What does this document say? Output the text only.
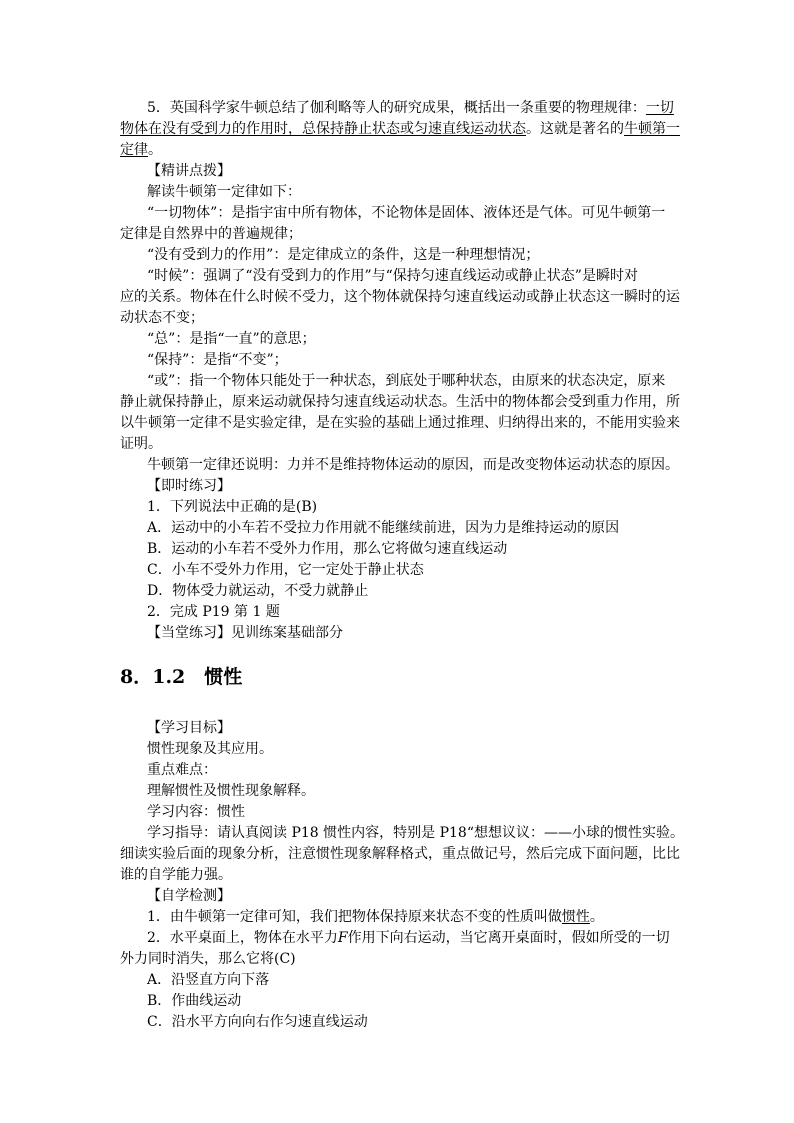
5．英国科学家牛顿总结了伽利略等人的研究成果，概括出一条重要的物理规律：一切
物体在没有受到力的作用时，总保持静止状态或匀速直线运动状态。这就是著名的牛顿第一
定律。
【精讲点拨】
解读牛顿第一定律如下：
“一切物体”：是指宇宙中所有物体，不论物体是固体、液体还是气体。可见牛顿第一
定律是自然界中的普遍规律；
“没有受到力的作用”：是定律成立的条件，这是一种理想情况；
“时候”：强调了“没有受到力的作用”与“保持匀速直线运动或静止状态”是瞬时对
应的关系。物体在什么时候不受力，这个物体就保持匀速直线运动或静止状态这一瞬时的运
动状态不变；
“总”：是指“一直”的意思；
“保持”：是指“不变”；
“或”：指一个物体只能处于一种状态，到底处于哪种状态，由原来的状态决定，原来
静止就保持静止，原来运动就保持匀速直线运动状态。生活中的物体都会受到重力作用，所
以牛顿第一定律不是实验定律，是在实验的基础上通过推理、归纳得出来的，不能用实验来
证明。
牛顿第一定律还说明：力并不是维持物体运动的原因，而是改变物体运动状态的原因。
【即时练习】
1．下列说法中正确的是(B)
A．运动中的小车若不受拉力作用就不能继续前进，因为力是维持运动的原因
B．运动的小车若不受外力作用，那么它将做匀速直线运动
C．小车不受外力作用，它一定处于静止状态
D．物体受力就运动，不受力就静止
2．完成 P19 第 1 题
【当堂练习】见训练案基础部分
8．1.2　惯性
【学习目标】
惯性现象及其应用。
重点难点：
理解惯性及惯性现象解释。
学习内容：惯性
学习指导：请认真阅读 P18 惯性内容，特别是 P18“想想议议：——小球的惯性实验。
细读实验后面的现象分析，注意惯性现象解释格式，重点做记号，然后完成下面问题，比比
谁的自学能力强。
【自学检测】
1．由牛顿第一定律可知，我们把物体保持原来状态不变的性质叫做惯性。
2．水平桌面上，物体在水平力F作用下向右运动，当它离开桌面时，假如所受的一切
外力同时消失，那么它将(C)
A．沿竖直方向下落
B．作曲线运动
C．沿水平方向向右作匀速直线运动
